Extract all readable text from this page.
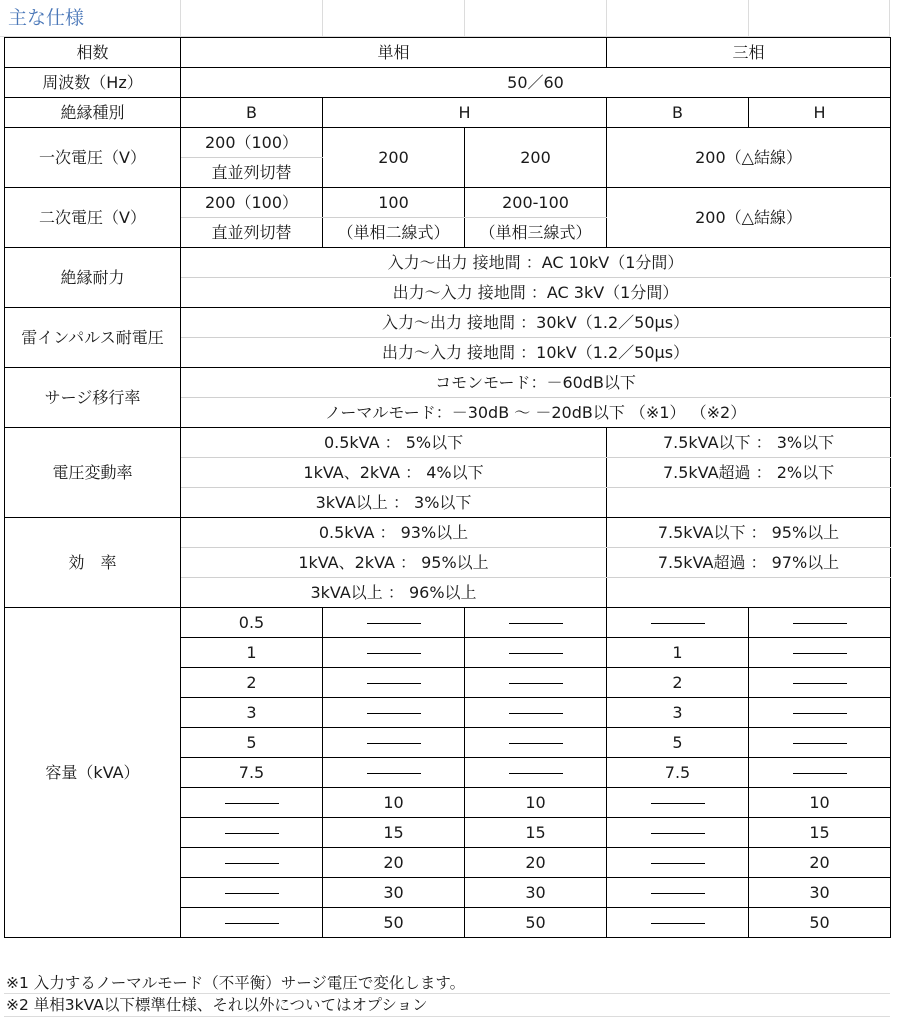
主な仕様
相数	単相			三相	
周波数（Hz）	50／60				
絶縁種別	B	H		B	H
一次電圧（V）	200（100）	200	200	200（△結線）	
	直並列切替				
二次電圧（V）	200（100）	100	200-100	200（△結線）	
	直並列切替	（単相二線式）	（単相三線式）		
絶縁耐力	入力〜出力 接地間 ：AC 10kV（1分間）				
	出力〜入力 接地間 ：AC 3kV（1分間）				
雷インパルス耐電圧	入力〜出力 接地間 ：30kV（1.2／50μs）				
	出力〜入力 接地間 ：10kV（1.2／50μs）				
サージ移行率	コモンモード：－60dB以下				
	ノーマルモード：－30dB 〜 －20dB以下 （※1） （※2）				
電圧変動率	0.5kVA ： 5%以下			7.5kVA以下 ： 3%以下	
	1kVA、2kVA ： 4%以下			7.5kVA超過 ： 2%以下	
	3kVA以上 ： 3%以下				
効　率	0.5kVA ： 93%以上			7.5kVA以下 ： 95%以上	
	1kVA、2kVA ： 95%以上			7.5kVA超過 ： 97%以上	
	3kVA以上 ： 96%以上				
容量（kVA）	0.5				
	1			1	
	2			2	
	3			3	
	5			5	
	7.5			7.5	
		10	10		10
		15	15		15
		20	20		20
		30	30		30
		50	50		50
※1 入力するノーマルモード（不平衡）サージ電圧で変化します。
※2 単相3kVA以下標準仕様、それ以外についてはオプション
